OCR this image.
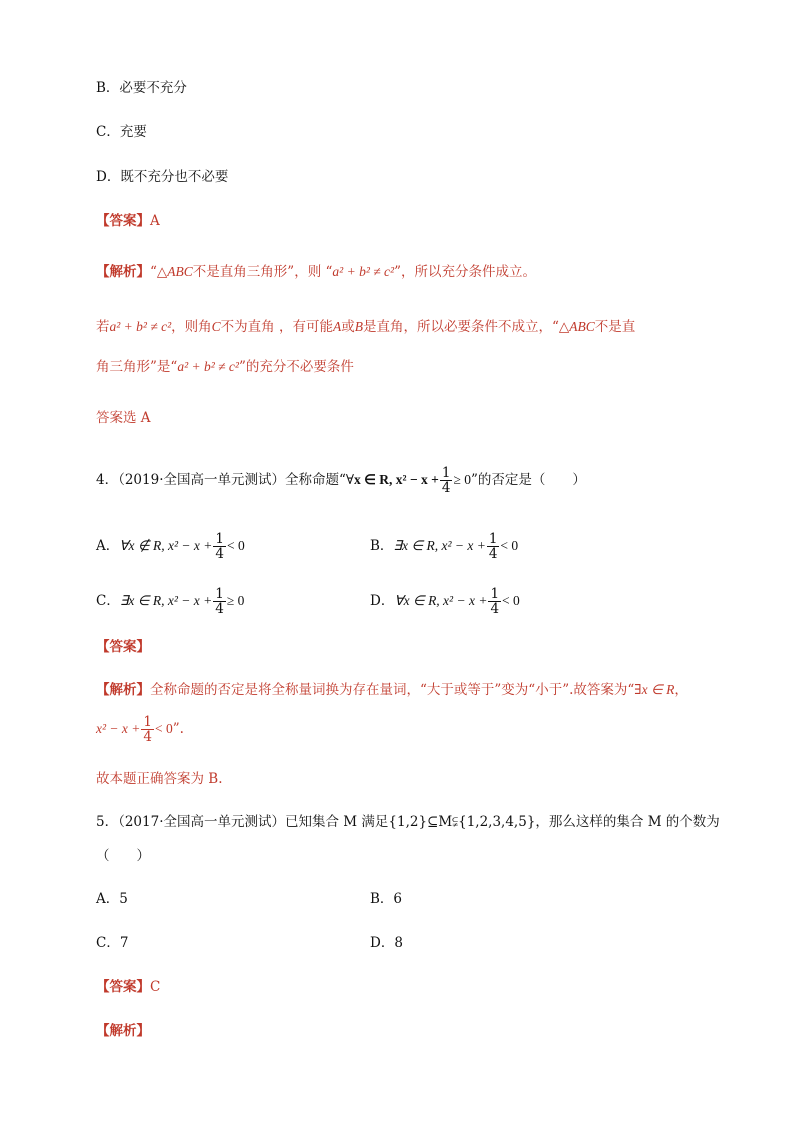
B．必要不充分
C．充要
D．既不充分也不必要
【答案】A
【解析】“△ABC不是直角三角形”，则 “a² + b² ≠ c²”，所以充分条件成立。
若a² + b² ≠ c²，则角C不为直角 ，有可能A或B是直角，所以必要条件不成立，“△ABC不是直
角三角形”是“a² + b² ≠ c²”的充分不必要条件
答案选 A
4．（2019·全国高一单元测试）全称命题“∀x ∈ R, $x^2 - x + \frac{1}{4} \ge 0$”的否定是（　　）
A．∀x ∉ R, $x^2 - x + \frac{1}{4} < 0$	B．∃x ∈ R, $x^2 - x + \frac{1}{4} < 0$
C．∃x ∈ R, $x^2 - x + \frac{1}{4} \ge 0$	D．∀x ∈ R, $x^2 - x + \frac{1}{4} < 0$
【答案】
【解析】全称命题的否定是将全称量词换为存在量词，“大于或等于”变为“小于”.故答案为“∃x ∈ R，
$x^2 - x + \frac{1}{4} < 0$”.
故本题正确答案为 B.
5．（2017·全国高一单元测试）已知集合 M 满足{1,2}⊆M⫋{1,2,3,4,5}，那么这样的集合 M 的个数为
（　　）
A．5	B．6
C．7	D．8
【答案】C
【解析】
